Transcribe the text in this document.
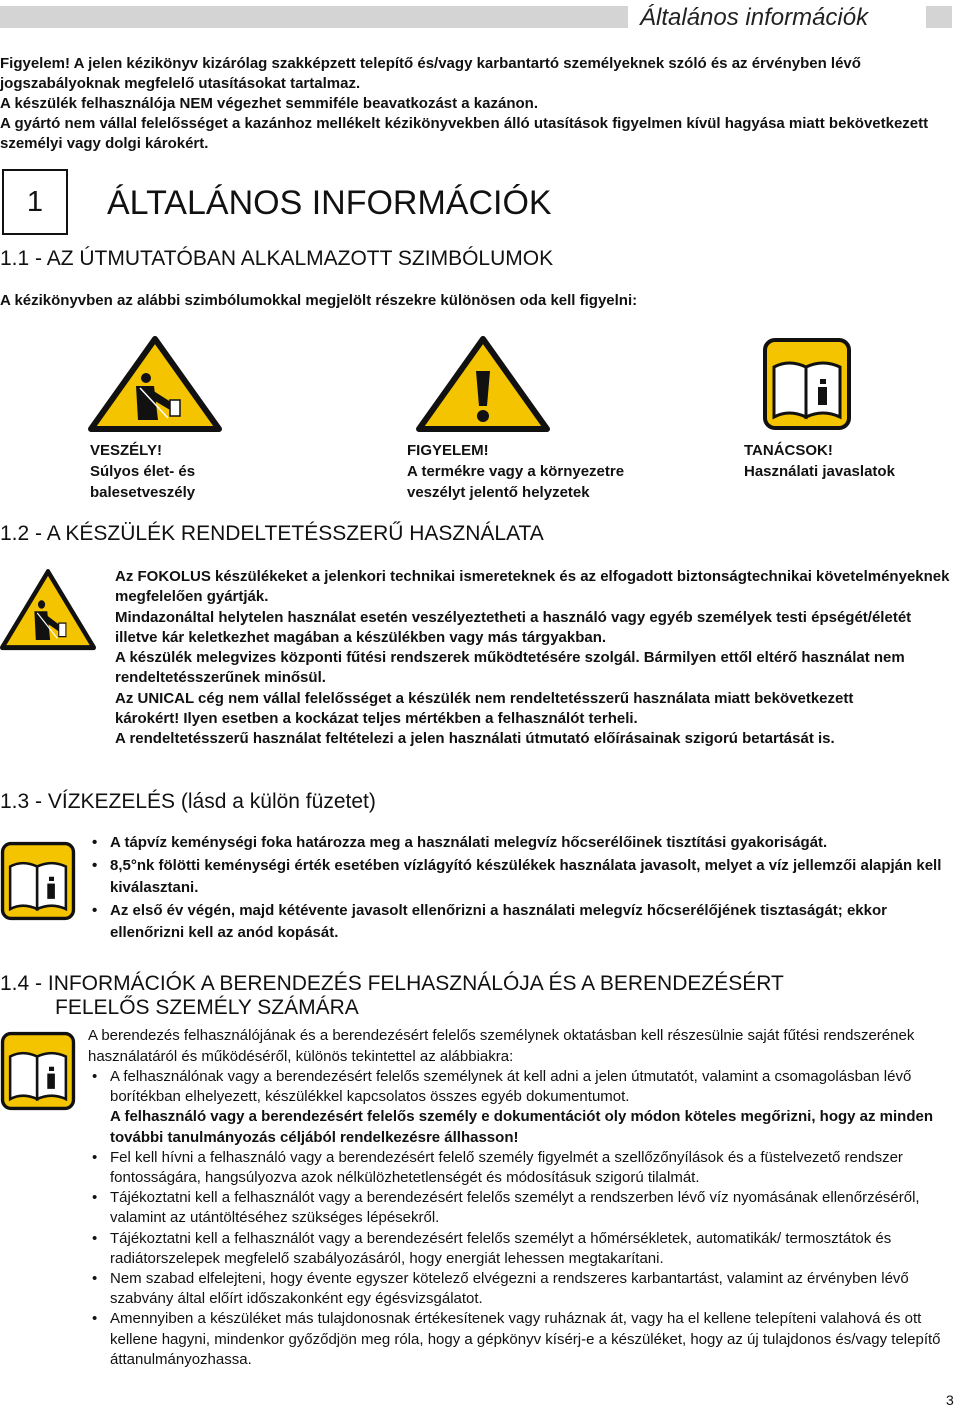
Általános információk

Figyelem! A jelen kézikönyv kizárólag szakképzett telepítő és/vagy karbantartó személyeknek szóló és az érvényben lévő jogszabályoknak megfelelő utasításokat tartalmaz.

A készülék felhasználója NEM végezhet semmiféle beavatkozást a kazánon.

A gyártó nem vállal felelősséget a kazánhoz mellékelt kézikönyvekben álló utasítások figyelmen kívül hagyása miatt bekövetkezett személyi vagy dolgi károkért.

1	ÁLTALÁNOS INFORMÁCIÓK
1.1 - AZ ÚTMUTATÓBAN ALKALMAZOTT SZIMBÓLUMOK
A kézikönyvben az alábbi szimbólumokkal megjelölt részekre különösen oda kell figyelni:
VESZÉLY!
Súlyos élet- és
balesetveszély
FIGYELEM!
A termékre vagy a környezetre
veszélyt jelentő helyzetek
TANÁCSOK!
Használati javaslatok
1.2 - A KÉSZÜLÉK RENDELTETÉSSZERŰ HASZNÁLATA

Az FOKOLUS készülékeket a jelenkori technikai ismereteknek és az elfogadott biztonságtechnikai követelményeknek megfelelően gyártják.

Mindazonáltal helytelen használat esetén veszélyeztetheti a használó vagy egyéb személyek testi épségét/életét illetve kár keletkezhet magában a készülékben vagy más tárgyakban.

A készülék melegvizes központi fűtési rendszerek működtetésére szolgál. Bármilyen ettől eltérő használat nem rendeltetésszerűnek minősül.

Az UNICAL cég nem vállal felelősséget a készülék nem rendeltetésszerű használata miatt bekövetkezett

károkért! Ilyen esetben a kockázat teljes mértékben a felhasználót terheli.

A rendeltetésszerű használat feltételezi a jelen használati útmutató előírásainak szigorú betartását is.

1.3 - VÍZKEZELÉS (lásd a külön füzetet)
• A tápvíz keménységi foka határozza meg a használati melegvíz hőcserélőinek tisztítási gyakoriságát.
• 8,5°nk fölötti keménységi érték esetében vízlágyító készülékek használata javasolt, melyet a víz jellemzői alapján kell kiválasztani.
• Az első év végén, majd kétévente javasolt ellenőrizni a használati melegvíz hőcserélőjének tisztaságát; ekkor ellenőrizni kell az anód kopását.
1.4 - INFORMÁCIÓK A BERENDEZÉS FELHASZNÁLÓJA ÉS A BERENDEZÉSÉRT
FELELŐS SZEMÉLY SZÁMÁRA

A berendezés felhasználójának és a berendezésért felelős személynek oktatásban kell részesülnie saját fűtési rendszerének használatáról és működéséről, különös tekintettel az alábbiakra:

• A felhasználónak vagy a berendezésért felelős személynek át kell adni a jelen útmutatót, valamint a csomagolásban lévő borítékban elhelyezett, készülékkel kapcsolatos összes egyéb dokumentumot.
A felhasználó vagy a berendezésért felelős személy e dokumentációt oly módon köteles megőrizni, hogy az minden további tanulmányozás céljából rendelkezésre állhasson!
• Fel kell hívni a felhasználó vagy a berendezésért felelő személy figyelmét a szellőzőnyílások és a füstelvezető rendszer fontosságára, hangsúlyozva azok nélkülözhetetlenségét és módosításuk szigorú tilalmát.
• Tájékoztatni kell a felhasználót vagy a berendezésért felelős személyt a rendszerben lévő víz nyomásának ellenőrzéséről, valamint az utántöltéséhez szükséges lépésekről.
• Tájékoztatni kell a felhasználót vagy a berendezésért felelős személyt a hőmérsékletek, automatikák/ termosztátok és radiátorszelepek megfelelő szabályozásáról, hogy energiát lehessen megtakarítani.
• Nem szabad elfelejteni, hogy évente egyszer kötelező elvégezni a rendszeres karbantartást, valamint az érvényben lévő szabvány által előírt időszakonként egy égésvizsgálatot.
• Amennyiben a készüléket más tulajdonosnak értékesítenek vagy ruháznak át, vagy ha el kellene telepíteni valahová és ott kellene hagyni, mindenkor győződjön meg róla, hogy a gépkönyv kísérj-e a készüléket, hogy az új tulajdonos és/vagy telepítő áttanulmányozhassa.
3
